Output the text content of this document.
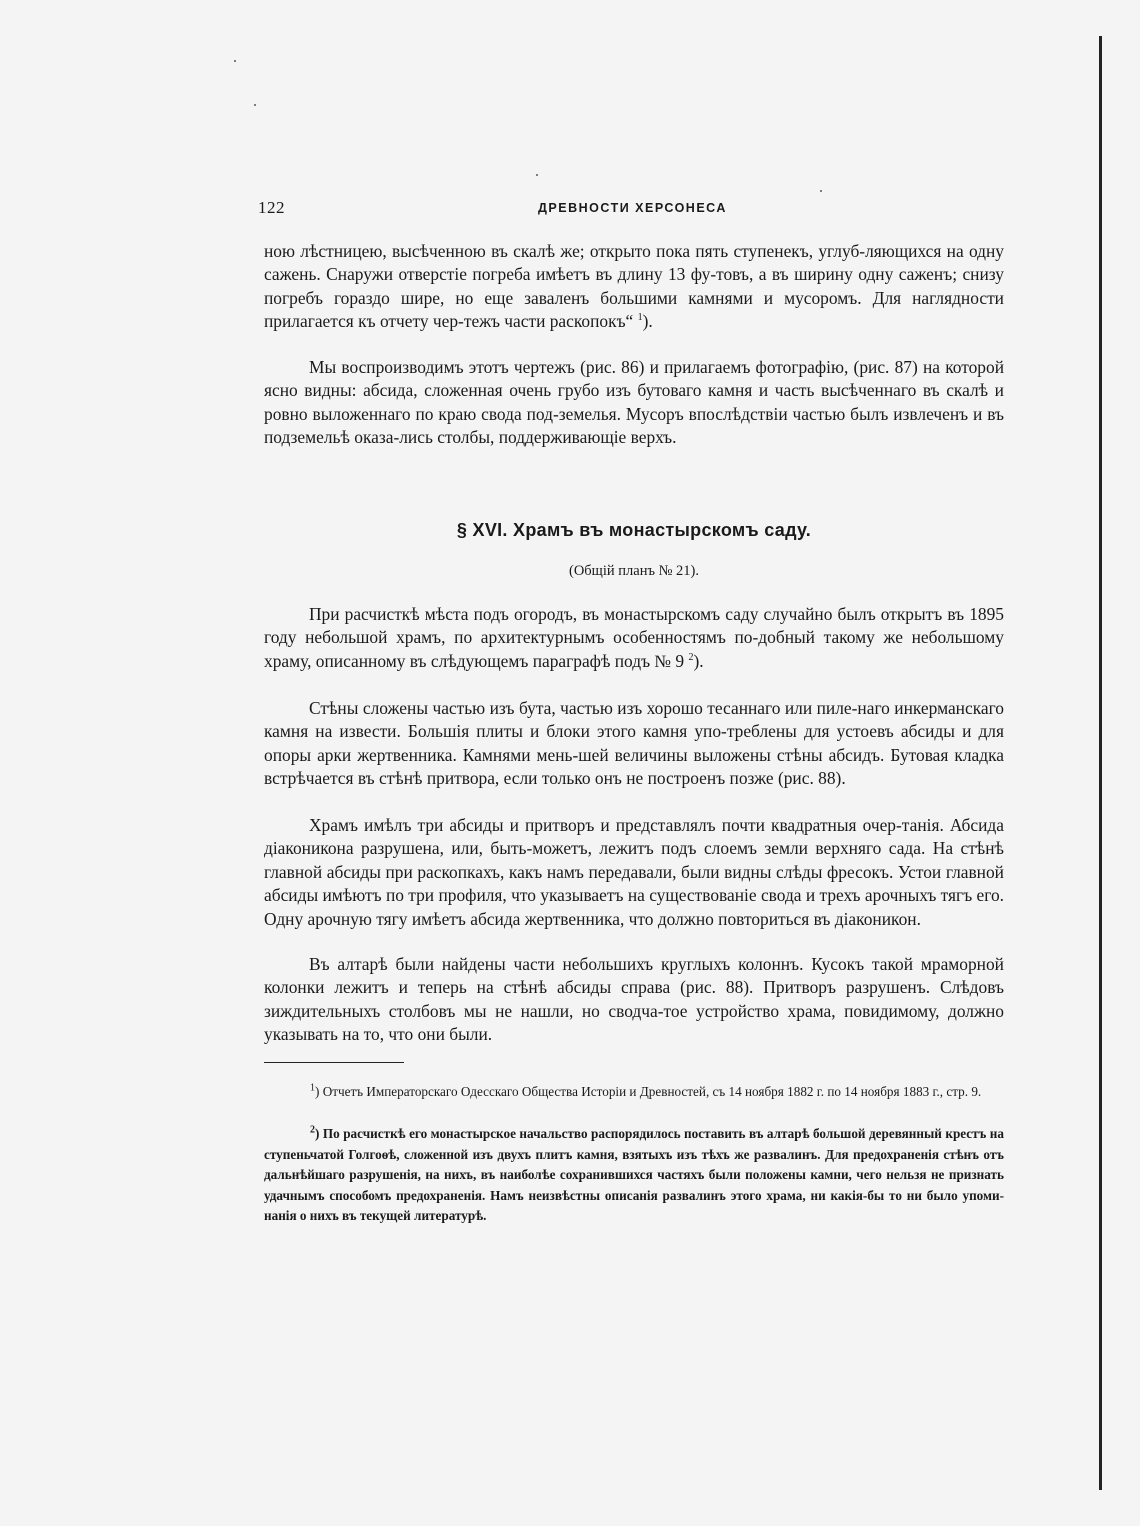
122	ДРЕВНОСТИ ХЕРСОНЕСА

ною лѣстницею, высѣченною въ скалѣ же; открыто пока пять ступенекъ, углуб-ляющихся на одну сажень. Снаружи отверстіе погреба имѣетъ въ длину 13 фу-товъ, а въ ширину одну саженъ; снизу погребъ гораздо шире, но еще заваленъ большими камнями и мусоромъ. Для наглядности прилагается къ отчету чер-тежъ части раскопокъ“ $^1$).

Мы воспроизводимъ этотъ чертежъ (рис. 86) и прилагаемъ фотографію, (рис. 87) на которой ясно видны: абсида, сложенная очень грубо изъ бутоваго камня и часть высѣченнаго въ скалѣ и ровно выложеннаго по краю свода под-земелья. Мусоръ впослѣдствіи частью былъ извлеченъ и въ подземельѣ оказа-лись столбы, поддерживающіе верхъ.

§ XVI. Храмъ въ монастырскомъ саду.

(Общій планъ № 21).

При расчисткѣ мѣста подъ огородъ, въ монастырскомъ саду случайно былъ открытъ въ 1895 году небольшой храмъ, по архитектурнымъ особенностямъ по-добный такому же небольшому храму, описанному въ слѣдующемъ параграфѣ подъ № 9 $^2$).

Стѣны сложены частью изъ бута, частью изъ хорошо тесаннаго или пиле-наго инкерманскаго камня на извести. Большія плиты и блоки этого камня упо-треблены для устоевъ абсиды и для опоры арки жертвенника. Камнями мень-шей величины выложены стѣны абсидъ. Бутовая кладка встрѣчается въ стѣнѣ притвора, если только онъ не построенъ позже (рис. 88).

Храмъ имѣлъ три абсиды и притворъ и представлялъ почти квадратныя очер-танія. Абсида діаконикона разрушена, или, быть-можетъ, лежитъ подъ слоемъ земли верхняго сада. На стѣнѣ главной абсиды при раскопкахъ, какъ намъ передавали, были видны слѣды фресокъ. Устои главной абсиды имѣютъ по три профиля, что указываетъ на существованіе свода и трехъ арочныхъ тягъ его. Одну арочную тягу имѣетъ абсида жертвенника, что должно повториться въ діаконикон.

Въ алтарѣ были найдены части небольшихъ круглыхъ колоннъ. Кусокъ такой мраморной колонки лежитъ и теперь на стѣнѣ абсиды справа (рис. 88). Притворъ разрушенъ. Слѣдовъ зиждительныхъ столбовъ мы не нашли, но сводча-тое устройство храма, повидимому, должно указывать на то, что они были.

$^1$) Отчетъ Императорскаго Одесскаго Общества Исторіи и Древностей, съ 14 ноября 1882 г. по 14 ноября 1883 г., стр. 9.

$^2$) По расчисткѣ его монастырское начальство распорядилось поставить въ алтарѣ большой деревянный крестъ на ступеньчатой Голгоѳѣ, сложенной изъ двухъ плитъ камня, взятыхъ изъ тѣхъ же развалинъ. Для предохраненія стѣнъ отъ дальнѣйшаго разрушенія, на нихъ, въ наиболѣе сохранившихся частяхъ были положены камни, чего нельзя не признать удачнымъ способомъ предохраненія. Намъ неизвѣстны описанія развалинъ этого храма, ни какія-бы то ни было упоми-нанія о нихъ въ текущей литературѣ.
